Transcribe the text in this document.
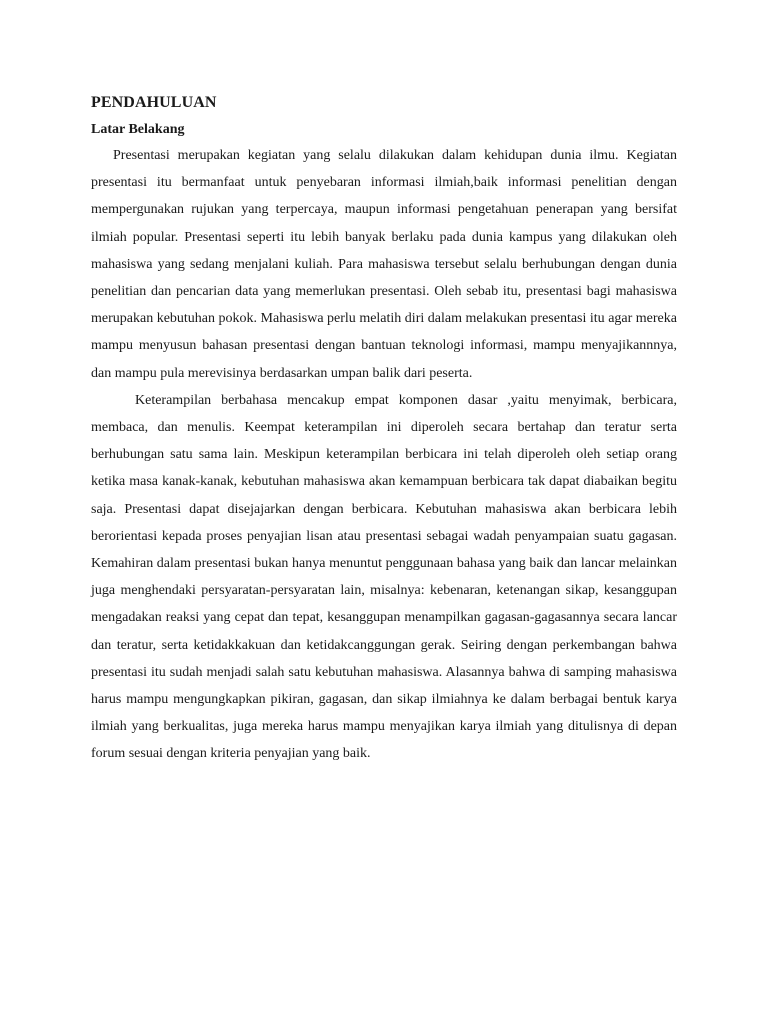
PENDAHULUAN
Latar Belakang

Presentasi merupakan kegiatan yang selalu dilakukan dalam kehidupan dunia ilmu. Kegiatan presentasi itu bermanfaat untuk penyebaran informasi ilmiah,baik informasi penelitian dengan mempergunakan rujukan yang terpercaya, maupun informasi pengetahuan penerapan yang bersifat ilmiah popular. Presentasi seperti itu lebih banyak berlaku pada dunia kampus yang dilakukan oleh mahasiswa yang sedang menjalani kuliah. Para mahasiswa tersebut selalu berhubungan dengan dunia penelitian dan pencarian data yang memerlukan presentasi. Oleh sebab itu, presentasi bagi mahasiswa merupakan kebutuhan pokok. Mahasiswa perlu melatih diri dalam melakukan presentasi itu agar mereka mampu menyusun bahasan presentasi dengan bantuan teknologi informasi, mampu menyajikannnya, dan mampu pula merevisinya berdasarkan umpan balik dari peserta.

Keterampilan berbahasa mencakup empat komponen dasar ,yaitu menyimak, berbicara, membaca, dan menulis. Keempat keterampilan ini diperoleh secara bertahap dan teratur serta berhubungan satu sama lain. Meskipun keterampilan berbicara ini telah diperoleh oleh setiap orang ketika masa kanak-kanak, kebutuhan mahasiswa akan kemampuan berbicara tak dapat diabaikan begitu saja. Presentasi dapat disejajarkan dengan berbicara. Kebutuhan mahasiswa akan berbicara lebih berorientasi kepada proses penyajian lisan atau presentasi sebagai wadah penyampaian suatu gagasan. Kemahiran dalam presentasi bukan hanya menuntut penggunaan bahasa yang baik dan lancar melainkan juga menghendaki persyaratan-persyaratan lain, misalnya: kebenaran, ketenangan sikap, kesanggupan mengadakan reaksi yang cepat dan tepat, kesanggupan menampilkan gagasan-gagasannya secara lancar dan teratur, serta ketidakkakuan dan ketidakcanggungan gerak. Seiring dengan perkembangan bahwa presentasi itu sudah menjadi salah satu kebutuhan mahasiswa. Alasannya bahwa di samping mahasiswa harus mampu mengungkapkan pikiran, gagasan, dan sikap ilmiahnya ke dalam berbagai bentuk karya ilmiah yang berkualitas, juga mereka harus mampu menyajikan karya ilmiah yang ditulisnya di depan forum sesuai dengan kriteria penyajian yang baik.
